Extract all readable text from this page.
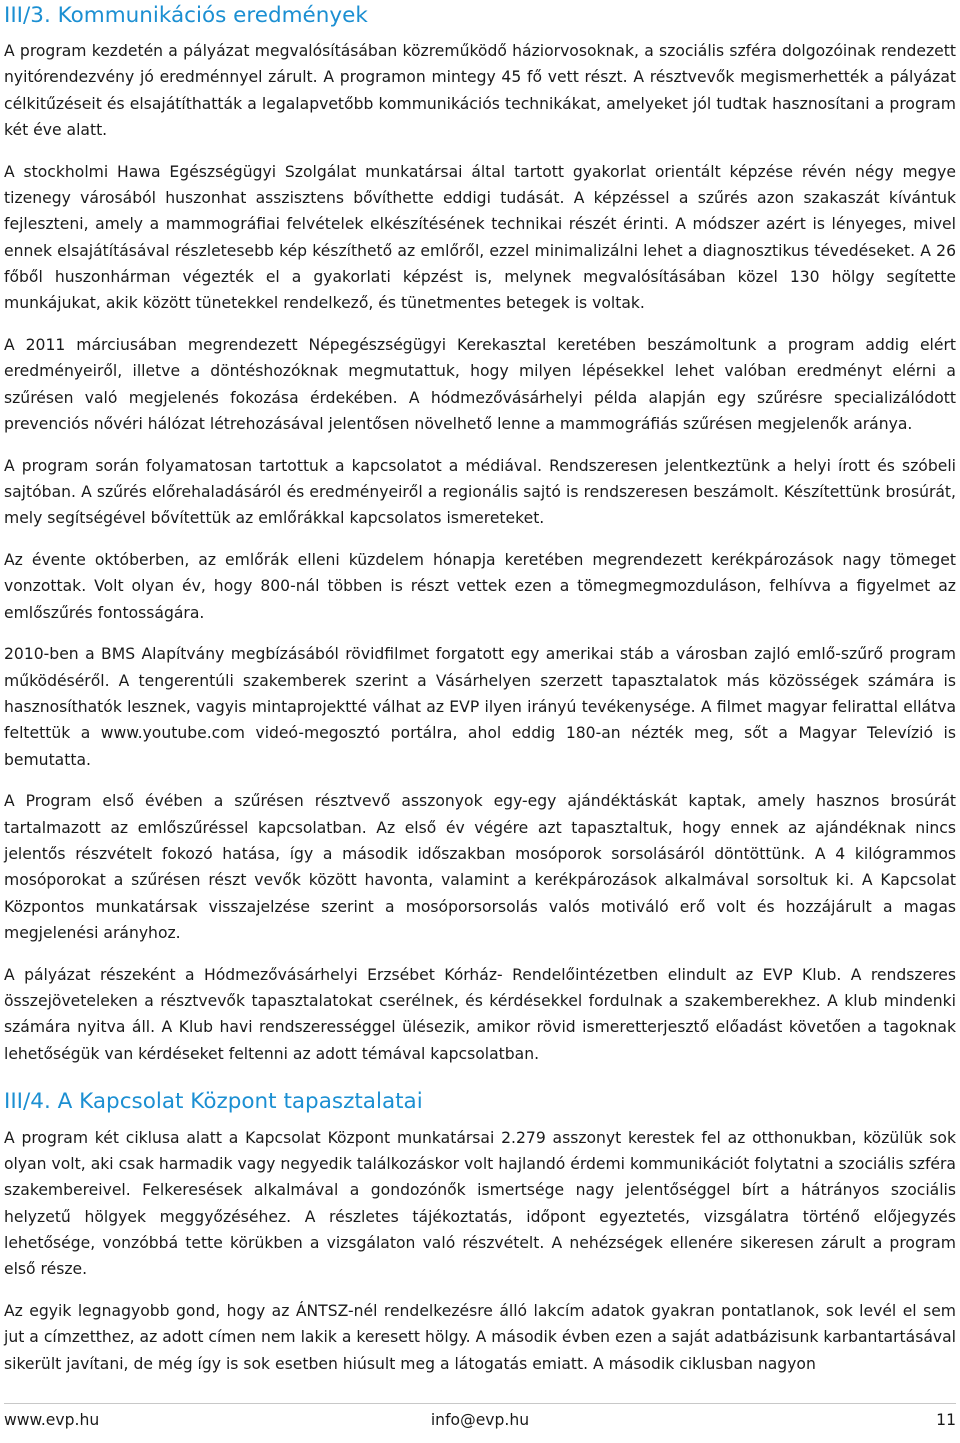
III/3. Kommunikációs eredmények

A program kezdetén a pályázat megvalósításában közreműködő háziorvosoknak, a szociális szféra dolgozóinak rendezett nyitórendezvény jó eredménnyel zárult. A programon mintegy 45 fő vett részt. A résztvevők megismerhették a pályázat célkitűzéseit és elsajátíthatták a legalapvetőbb kommunikációs technikákat, amelyeket jól tudtak hasznosítani a program két éve alatt.

A stockholmi Hawa Egészségügyi Szolgálat munkatársai által tartott gyakorlat orientált képzése révén négy megye tizenegy városából huszonhat asszisztens bővíthette eddigi tudását. A képzéssel a szűrés azon szakaszát kívántuk fejleszteni, amely a mammográfiai felvételek elkészítésének technikai részét érinti. A módszer azért is lényeges, mivel ennek elsajátításával részletesebb kép készíthető az emlőről, ezzel minimalizálni lehet a diagnosztikus tévedéseket. A 26 főből huszonhárman végezték el a gyakorlati képzést is, melynek megvalósításában közel 130 hölgy segítette munkájukat, akik között tünetekkel rendelkező, és tünetmentes betegek is voltak.

A 2011 márciusában megrendezett Népegészségügyi Kerekasztal keretében beszámoltunk a program addig elért eredményeiről, illetve a döntéshozóknak megmutattuk, hogy milyen lépésekkel lehet valóban eredményt elérni a szűrésen való megjelenés fokozása érdekében. A hódmezővásárhelyi példa alapján egy szűrésre specializálódott prevenciós nővéri hálózat létrehozásával jelentősen növelhető lenne a mammográfiás szűrésen megjelenők aránya.

A program során folyamatosan tartottuk a kapcsolatot a médiával. Rendszeresen jelentkeztünk a helyi írott és szóbeli sajtóban. A szűrés előrehaladásáról és eredményeiről a regionális sajtó is rendszeresen beszámolt. Készítettünk brosúrát, mely segítségével bővítettük az emlőrákkal kapcsolatos ismereteket.

Az évente októberben, az emlőrák elleni küzdelem hónapja keretében megrendezett kerékpározások nagy tömeget vonzottak. Volt olyan év, hogy 800-nál többen is részt vettek ezen a tömegmegmozduláson, felhívva a figyelmet az emlőszűrés fontosságára.

2010-ben a BMS Alapítvány megbízásából rövidfilmet forgatott egy amerikai stáb a városban zajló emlő-szűrő program működéséről. A tengerentúli szakemberek szerint a Vásárhelyen szerzett tapasztalatok más közösségek számára is hasznosíthatók lesznek, vagyis mintaprojektté válhat az EVP ilyen irányú tevékenysége. A filmet magyar felirattal ellátva feltettük a www.youtube.com videó-megosztó portálra, ahol eddig 180-an nézték meg, sőt a Magyar Televízió is bemutatta.

A Program első évében a szűrésen résztvevő asszonyok egy-egy ajándéktáskát kaptak, amely hasznos brosúrát tartalmazott az emlőszűréssel kapcsolatban. Az első év végére azt tapasztaltuk, hogy ennek az ajándéknak nincs jelentős részvételt fokozó hatása, így a második időszakban mosóporok sorsolásáról döntöttünk. A 4 kilógrammos mosóporokat a szűrésen részt vevők között havonta, valamint a kerékpározások alkalmával sorsoltuk ki. A Kapcsolat Központos munkatársak visszajelzése szerint a mosóporsorsolás valós motiváló erő volt és hozzájárult a magas megjelenési arányhoz.

A pályázat részeként a Hódmezővásárhelyi Erzsébet Kórház- Rendelőintézetben elindult az EVP Klub. A rendszeres összejöveteleken a résztvevők tapasztalatokat cserélnek, és kérdésekkel fordulnak a szakemberekhez. A klub mindenki számára nyitva áll. A Klub havi rendszerességgel ülésezik, amikor rövid ismeretterjesztő előadást követően a tagoknak lehetőségük van kérdéseket feltenni az adott témával kapcsolatban.

III/4. A Kapcsolat Központ tapasztalatai

A program két ciklusa alatt a Kapcsolat Központ munkatársai 2.279 asszonyt kerestek fel az otthonukban, közülük sok olyan volt, aki csak harmadik vagy negyedik találkozáskor volt hajlandó érdemi kommunikációt folytatni a szociális szféra szakembereivel. Felkeresések alkalmával a gondozónők ismertsége nagy jelentőséggel bírt a hátrányos szociális helyzetű hölgyek meggyőzéséhez. A részletes tájékoztatás, időpont egyeztetés, vizsgálatra történő előjegyzés lehetősége, vonzóbbá tette körükben a vizsgálaton való részvételt. A nehézségek ellenére sikeresen zárult a program első része.

Az egyik legnagyobb gond, hogy az ÁNTSZ-nél rendelkezésre álló lakcím adatok gyakran pontatlanok, sok levél el sem jut a címzetthez, az adott címen nem lakik a keresett hölgy. A második évben ezen a saját adatbázisunk karbantartásával sikerült javítani, de még így is sok esetben hiúsult meg a látogatás emiatt. A második ciklusban nagyon

www.evp.hu	info@evp.hu	11
